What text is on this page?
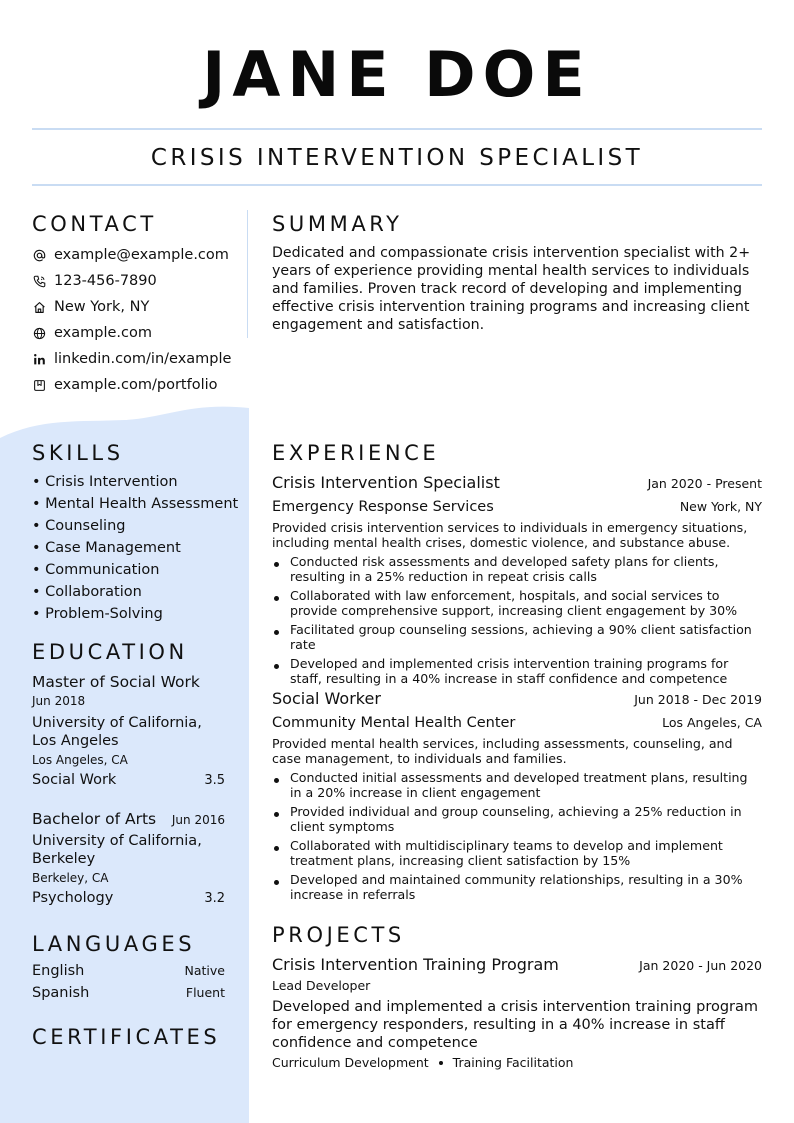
JANE DOE
CRISIS INTERVENTION SPECIALIST
CONTACT
example@example.com
123-456-7890
New York, NY
example.com
linkedin.com/in/example
example.com/portfolio
SUMMARY
Dedicated and compassionate crisis intervention specialist with 2+ years of experience providing mental health services to individuals and families. Proven track record of developing and implementing effective crisis intervention training programs and increasing client engagement and satisfaction.
SKILLS
• Crisis Intervention
• Mental Health Assessment
• Counseling
• Case Management
• Communication
• Collaboration
• Problem-Solving
EDUCATION
Master of Social Work
Jun 2018
University of California, Los Angeles
Los Angeles, CA
Social Work	3.5
Bachelor of Arts Jun 2016
University of California, Berkeley
Berkeley, CA
Psychology	3.2
LANGUAGES
English	Native
Spanish	Fluent
CERTIFICATES
EXPERIENCE
Crisis Intervention Specialist	Jan 2020 - Present
Emergency Response Services	New York, NY
Provided crisis intervention services to individuals in emergency situations, including mental health crises, domestic violence, and substance abuse.
Conducted risk assessments and developed safety plans for clients, resulting in a 25% reduction in repeat crisis calls
Collaborated with law enforcement, hospitals, and social services to provide comprehensive support, increasing client engagement by 30%
Facilitated group counseling sessions, achieving a 90% client satisfaction rate
Developed and implemented crisis intervention training programs for staff, resulting in a 40% increase in staff confidence and competence
Social Worker	Jun 2018 - Dec 2019
Community Mental Health Center	Los Angeles, CA
Provided mental health services, including assessments, counseling, and case management, to individuals and families.
Conducted initial assessments and developed treatment plans, resulting in a 20% increase in client engagement
Provided individual and group counseling, achieving a 25% reduction in client symptoms
Collaborated with multidisciplinary teams to develop and implement treatment plans, increasing client satisfaction by 15%
Developed and maintained community relationships, resulting in a 30% increase in referrals
PROJECTS
Crisis Intervention Training Program	Jan 2020 - Jun 2020
Lead Developer
Developed and implemented a crisis intervention training program for emergency responders, resulting in a 40% increase in staff confidence and competence
Curriculum Development Training Facilitation
